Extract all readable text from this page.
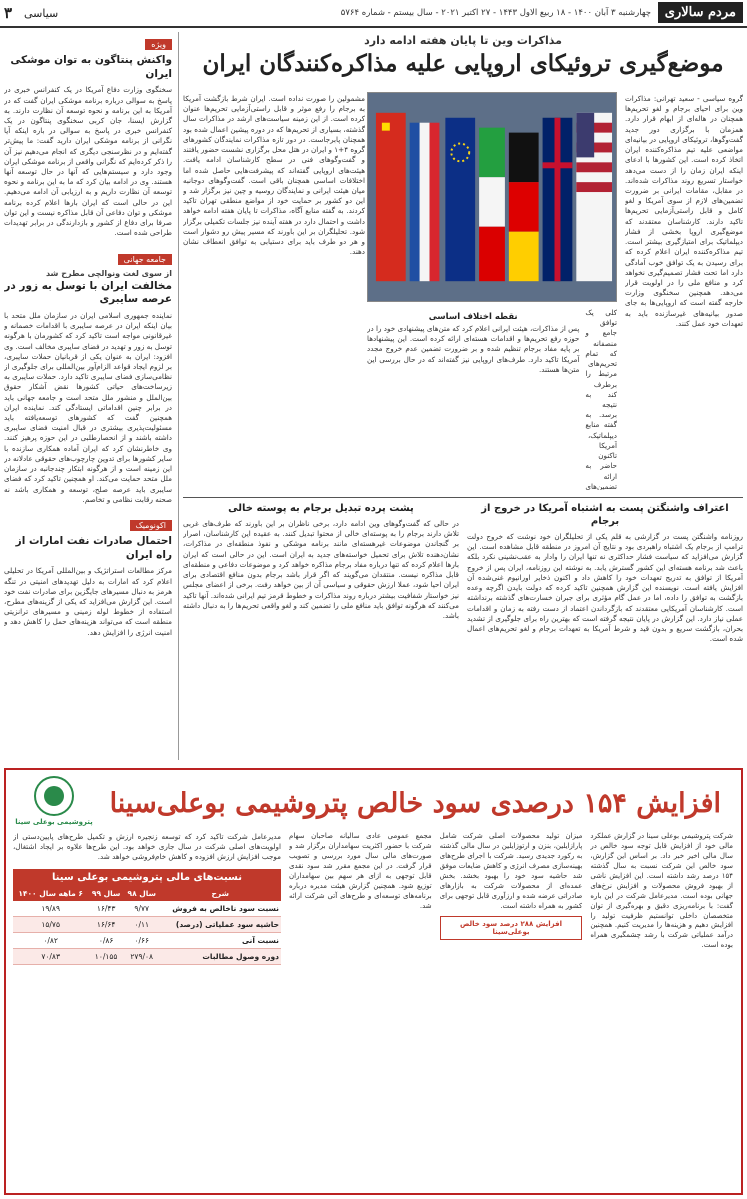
مردم سالاری
چهارشنبه ۳ آبان ۱۴۰۰ - ۱۸ ربیع الاول ۱۴۴۳ - ۲۷ اکتبر ۲۰۲۱ - سال بیستم - شماره ۵۷۶۴
سیاسی
۳
ویژه
واکنش پنتاگون به توان موشکی ایران
سخنگوی وزارت دفاع آمریکا در یک کنفرانس خبری در پاسخ به سوالی درباره برنامه موشکی ایران گفت که در آمریکا به این برنامه و نحوه توسعه آن نظارت دارند. به گزارش ایسنا، جان کربی سخنگوی پنتاگون در یک کنفرانس خبری در پاسخ به سوالی در باره اینکه آیا نگرانی از برنامه موشکی ایران دارید گفت: ما پیش‌تر گفته‌ایم و در نظرسنجی دیگری که انجام می‌دهیم نیز آن را ذکر کرده‌ایم که نگرانی واقعی از برنامه موشکی ایران وجود دارد و سیستم‌هایی که آنها در حال توسعه آنها هستند. وی در ادامه بیان کرد که ما به این برنامه و نحوه توسعه آن نظارت داریم و به ارزیابی آن ادامه می‌دهیم. این در حالی است که ایران بارها اعلام کرده برنامه موشکی و توان دفاعی آن قابل مذاکره نیست و این توان صرفا برای دفاع از کشور و بازدارندگی در برابر تهدیدات طراحی شده است.
جامعه جهانی
از سوی لغت ونوالچی مطرح شد
مخالفت ایران با توسل به زور در عرصه سایبری
نماینده جمهوری اسلامی ایران در سازمان ملل متحد با بیان اینکه ایران در عرصه سایبری با اقدامات خصمانه و غیرقانونی مواجه است تاکید کرد که کشورمان با هرگونه توسل به زور و تهدید در فضای سایبری مخالف است. وی افزود: ایران به عنوان یکی از قربانیان حملات سایبری، بر لزوم ایجاد قواعد الزام‌آور بین‌المللی برای جلوگیری از نظامی‌سازی فضای سایبری تاکید دارد. حملات سایبری به زیرساخت‌های حیاتی کشورها نقض آشکار حقوق بین‌الملل و منشور ملل متحد است و جامعه جهانی باید در برابر چنین اقداماتی ایستادگی کند. نماینده ایران همچنین گفت که کشورهای توسعه‌یافته باید مسئولیت‌پذیری بیشتری در قبال امنیت فضای سایبری داشته باشند و از انحصارطلبی در این حوزه پرهیز کنند. وی خاطرنشان کرد که ایران آماده همکاری سازنده با سایر کشورها برای تدوین چارچوب‌های حقوقی عادلانه در این زمینه است و از هرگونه ابتکار چندجانبه در سازمان ملل متحد حمایت می‌کند. او همچنین تاکید کرد که فضای سایبری باید عرصه صلح، توسعه و همکاری باشد نه صحنه رقابت نظامی و تخاصم.
اکونومیک
احتمال صادرات نفت امارات از راه ایران
مرکز مطالعات استراتژیک و بین‌المللی آمریکا در تحلیلی اعلام کرد که امارات به دلیل تهدیدهای امنیتی در تنگه هرمز به دنبال مسیرهای جایگزین برای صادرات نفت خود است. این گزارش می‌افزاید که یکی از گزینه‌های مطرح، استفاده از خطوط لوله زمینی و مسیرهای ترانزیتی منطقه است که می‌تواند هزینه‌های حمل را کاهش دهد و امنیت انرژی را افزایش دهد.
مذاکرات وین تا پایان هفته ادامه دارد
موضع‌گیری تروئیکای اروپایی علیه مذاکره‌کنندگان ایران
گروه سیاسی - سعید تهرانی: مذاکرات وین برای احیای برجام و لغو تحریم‌ها همچنان در هاله‌ای از ابهام قرار دارد. همزمان با برگزاری دور جدید گفت‌وگوها، تروئیکای اروپایی در بیانیه‌ای مواضعی علیه تیم مذاکره‌کننده ایران اتخاذ کرده است. این کشورها با ادعای اینکه ایران زمان را از دست می‌دهد خواستار تسریع روند مذاکرات شده‌اند. در مقابل، مقامات ایرانی بر ضرورت تضمین‌های لازم از سوی آمریکا و لغو کامل و قابل راستی‌آزمایی تحریم‌ها تاکید دارند. کارشناسان معتقدند که موضع‌گیری اروپا بخشی از فشار دیپلماتیک برای امتیازگیری بیشتر است. تیم مذاکره‌کننده ایران اعلام کرده که برای رسیدن به یک توافق خوب آمادگی دارد اما تحت فشار تصمیم‌گیری نخواهد کرد و منافع ملی را در اولویت قرار می‌دهد. همچنین سخنگوی وزارت خارجه گفته است که اروپایی‌ها به جای صدور بیانیه‌های غیرسازنده باید به تعهدات خود عمل کنند.
مشمولین را صورت نداده است. ایران شرط بازگشت آمریکا به برجام را رفع موثر و قابل راستی‌آزمایی تحریم‌ها عنوان کرده است. از این زمینه سیاست‌های ارشد در مذاکرات سال گذشته، بسیاری از تحریم‌ها که در دوره پیشین اعمال شده بود همچنان پابرجاست. در دور تازه مذاکرات نمایندگان کشورهای گروه ۴+۱ و ایران در هتل محل برگزاری نشست حضور یافتند و گفت‌وگوهای فنی در سطح کارشناسان ادامه یافت. هیئت‌های اروپایی گفته‌اند که پیشرفت‌هایی حاصل شده اما اختلافات اساسی همچنان باقی است. گفت‌وگوهای دوجانبه میان هیئت ایرانی و نمایندگان روسیه و چین نیز برگزار شد و این دو کشور بر حمایت خود از مواضع منطقی تهران تاکید کردند. به گفته منابع آگاه، مذاکرات تا پایان هفته ادامه خواهد داشت و احتمال دارد در هفته آینده نیز جلسات تکمیلی برگزار شود. تحلیلگران بر این باورند که مسیر پیش رو دشوار است و هر دو طرف باید برای دستیابی به توافق انعطاف نشان دهند.
کلی یک توافق جامع و منصفانه که تمام تحریم‌های مرتبط را برطرف کند به نتیجه برسد. به گفته منابع دیپلماتیک، آمریکا تاکنون حاضر به ارائه تضمین‌های
نقطه اختلاف اساسی
پس از مذاکرات، هیئت ایرانی اعلام کرد که متن‌های پیشنهادی خود را در حوزه رفع تحریم‌ها و اقدامات هسته‌ای ارائه کرده است. این پیشنهادها بر پایه مفاد برجام تنظیم شده و بر ضرورت تضمین عدم خروج مجدد آمریکا تاکید دارد. طرف‌های اروپایی نیز گفته‌اند که در حال بررسی این متن‌ها هستند.
اعتراف واشنگتن پست به اشتباه آمریکا در خروج از برجام
روزنامه واشنگتن پست در گزارشی به قلم یکی از تحلیلگران خود نوشت که خروج دولت ترامپ از برجام یک اشتباه راهبردی بود و نتایج آن امروز در منطقه قابل مشاهده است. این گزارش می‌افزاید که سیاست فشار حداکثری نه تنها ایران را وادار به عقب‌نشینی نکرد بلکه باعث شد برنامه هسته‌ای این کشور گسترش یابد. به نوشته این روزنامه، ایران پس از خروج آمریکا از توافق به تدریج تعهدات خود را کاهش داد و اکنون ذخایر اورانیوم غنی‌شده آن افزایش یافته است. نویسنده این گزارش همچنین تاکید کرده که دولت بایدن اگرچه وعده بازگشت به توافق را داده، اما در عمل گام مؤثری برای جبران خسارت‌های گذشته برنداشته است. کارشناسان آمریکایی معتقدند که بازگرداندن اعتماد از دست رفته به زمان و اقدامات عملی نیاز دارد. این گزارش در پایان نتیجه گرفته است که بهترین راه برای جلوگیری از تشدید بحران، بازگشت سریع و بدون قید و شرط آمریکا به تعهدات برجام و لغو تحریم‌های اعمال شده است.
پشت پرده تبدیل برجام به پوسته خالی
در حالی که گفت‌وگوهای وین ادامه دارد، برخی ناظران بر این باورند که طرف‌های غربی تلاش دارند برجام را به پوسته‌ای خالی از محتوا تبدیل کنند. به عقیده این کارشناسان، اصرار بر گنجاندن موضوعات غیرهسته‌ای مانند برنامه موشکی و نفوذ منطقه‌ای در مذاکرات، نشان‌دهنده تلاش برای تحمیل خواسته‌های جدید به ایران است. این در حالی است که ایران بارها اعلام کرده که تنها درباره مفاد برجام مذاکره خواهد کرد و موضوعات دفاعی و منطقه‌ای قابل مذاکره نیست. منتقدان می‌گویند که اگر قرار باشد برجام بدون منافع اقتصادی برای ایران احیا شود، عملا ارزش حقوقی و سیاسی آن از بین خواهد رفت. برخی از اعضای مجلس نیز خواستار شفافیت بیشتر درباره روند مذاکرات و خطوط قرمز تیم ایرانی شده‌اند. آنها تاکید می‌کنند که هرگونه توافق باید منافع ملی را تضمین کند و لغو واقعی تحریم‌ها را به دنبال داشته باشد.
پتروشیمی بوعلی سینا
افزایش ۱۵۴ درصدی سود خالص پتروشیمی بوعلی‌سینا
شرکت پتروشیمی بوعلی سینا در گزارش عملکرد مالی خود از افزایش قابل توجه سود خالص در سال مالی اخیر خبر داد. بر اساس این گزارش، سود خالص این شرکت نسبت به سال گذشته ۱۵۴ درصد رشد داشته است. این افزایش ناشی از بهبود فروش محصولات و افزایش نرخ‌های جهانی بوده است. مدیرعامل شرکت در این باره گفت: با برنامه‌ریزی دقیق و بهره‌گیری از توان متخصصان داخلی توانستیم ظرفیت تولید را افزایش دهیم و هزینه‌ها را مدیریت کنیم. همچنین درآمد عملیاتی شرکت با رشد چشمگیری همراه بوده است.
میزان تولید محصولات اصلی شرکت شامل پارازایلین، بنزن و ارتوزایلین در سال مالی گذشته به رکورد جدیدی رسید. شرکت با اجرای طرح‌های بهینه‌سازی مصرف انرژی و کاهش ضایعات موفق شد حاشیه سود خود را بهبود بخشد. بخش عمده‌ای از محصولات شرکت به بازارهای صادراتی عرضه شده و ارزآوری قابل توجهی برای کشور به همراه داشته است.
افزایش ۲۸۸ درصد سود خالص بوعلی‌سینا
مجمع عمومی عادی سالیانه صاحبان سهام شرکت با حضور اکثریت سهامداران برگزار شد و صورت‌های مالی سال مورد بررسی و تصویب قرار گرفت. در این مجمع مقرر شد سود نقدی قابل توجهی به ازای هر سهم بین سهامداران توزیع شود. همچنین گزارش هیئت مدیره درباره برنامه‌های توسعه‌ای و طرح‌های آتی شرکت ارائه شد.
مدیرعامل شرکت تاکید کرد که توسعه زنجیره ارزش و تکمیل طرح‌های پایین‌دستی از اولویت‌های اصلی شرکت در سال جاری خواهد بود. این طرح‌ها علاوه بر ایجاد اشتغال، موجب افزایش ارزش افزوده و کاهش خام‌فروشی خواهد شد.
نسبت‌های مالی پتروشیمی بوعلی سینا
شرح	سال ۹۸	سال ۹۹	۶ ماهه سال ۱۴۰۰
نسبت سود ناخالص به فروش	۹/۷۷	۱۶/۴۳	۱۹/۸۹
حاشیه سود عملیاتی (درصد)	۰/۱۱	۱۶/۶۴	۱۵/۷۵
نسبت آنی	۰/۶۶	۰/۸۶	۰/۸۲
دوره وصول مطالبات	۲۷۹/۰۸	۱۰/۱۵۵	۷۰/۸۳
